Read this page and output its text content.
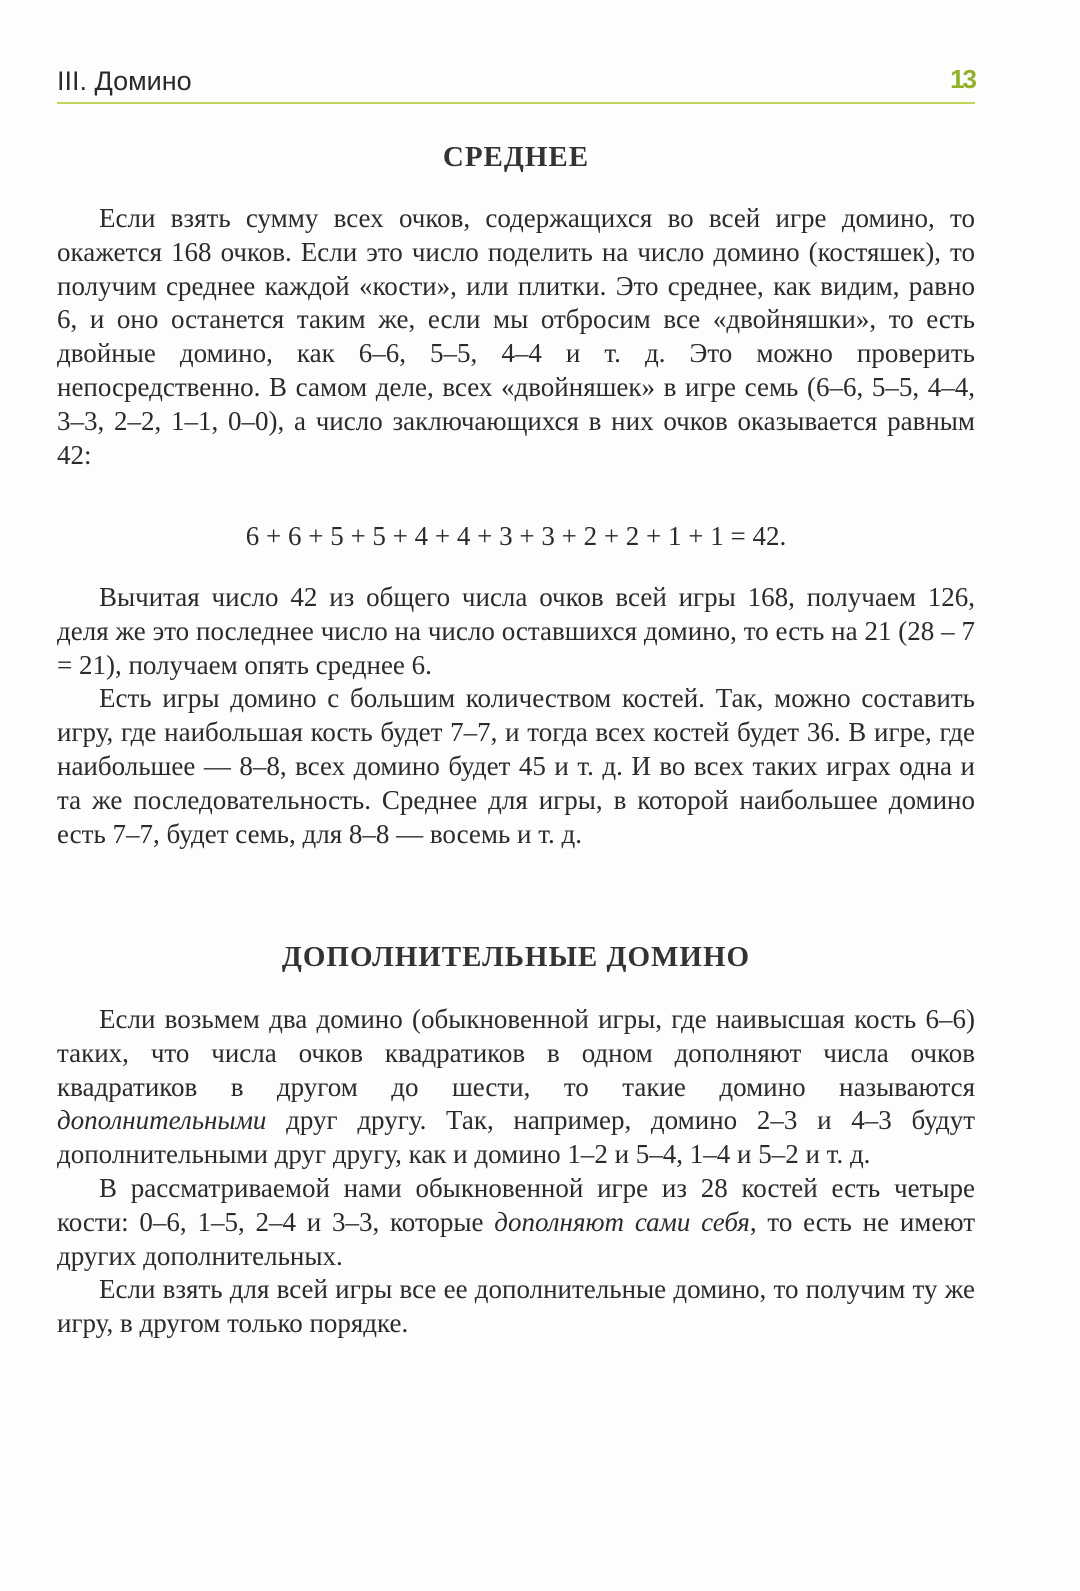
III. Домино	13
СРЕДНЕЕ

Если взять сумму всех очков, содержащихся во всей игре домино, то окажется 168 очков. Если это число поделить на число домино (костяшек), то получим среднее каждой «кости», или плитки. Это среднее, как видим, равно 6, и оно останется таким же, если мы отбросим все «двойняшки», то есть двойные домино, как 6–6, 5–5, 4–4 и т. д. Это можно проверить непосредственно. В самом деле, всех «двойняшек» в игре семь (6–6, 5–5, 4–4, 3–3, 2–2, 1–1, 0–0), а число заключающихся в них очков оказывается равным 42:

6 + 6 + 5 + 5 + 4 + 4 + 3 + 3 + 2 + 2 + 1 + 1 = 42.

Вычитая число 42 из общего числа очков всей игры 168, получаем 126, деля же это последнее число на число оставшихся домино, то есть на 21 (28 – 7 = 21), получаем опять среднее 6.

Есть игры домино с большим количеством костей. Так, можно составить игру, где наибольшая кость будет 7–7, и тогда всех костей будет 36. В игре, где наибольшее — 8–8, всех домино будет 45 и т. д. И во всех таких играх одна и та же последовательность. Среднее для игры, в которой наибольшее домино есть 7–7, будет семь, для 8–8 — восемь и т. д.

ДОПОЛНИТЕЛЬНЫЕ ДОМИНО

Если возьмем два домино (обыкновенной игры, где наивысшая кость 6–6) таких, что числа очков квадратиков в одном дополняют числа очков квадратиков в другом до шести, то такие домино называются дополнительными друг другу. Так, например, домино 2–3 и 4–3 будут дополнительными друг другу, как и домино 1–2 и 5–4, 1–4 и 5–2 и т. д.

В рассматриваемой нами обыкновенной игре из 28 костей есть четыре кости: 0–6, 1–5, 2–4 и 3–3, которые дополняют сами себя, то есть не имеют других дополнительных.

Если взять для всей игры все ее дополнительные домино, то получим ту же игру, в другом только порядке.
